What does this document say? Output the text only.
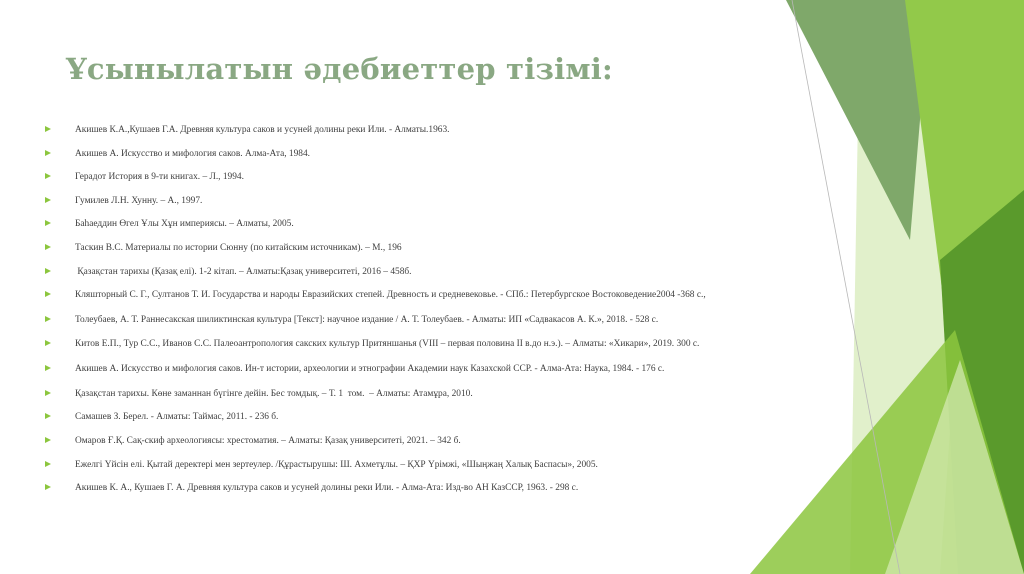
Ұсынылатын әдебиеттер тізімі:
Акишев К.А.,Кушаев Г.А. Древняя культура саков и усуней долины реки Или. - Алматы.1963.
Акишев А. Искусство и мифология саков. Алма-Ата, 1984.
Герадот История в 9-ти книгах. – Л., 1994.
Гумилев Л.Н. Хунну. – А., 1997.
Баһаеддин Өгел Ұлы Хұн империясы. – Алматы, 2005.
Таскин В.С. Материалы по истории Сюнну (по китайским источникам). – М., 196
Қазақстан тарихы (Қазақ елі). 1-2 кітап. – Алматы:Қазақ университеті, 2016 – 458б.
Кляшторный С. Г., Султанов Т. И. Государства и народы Евразийских степей. Древность и средневековье. - СПб.: Петербургское Востоковедение2004 -368 с.,
Толеубаев, А. Т. Раннесакская шиликтинская культура [Текст]: научное издание / А. Т. Толеубаев. - Алматы: ИП «Садвакасов А. К.», 2018. - 528 с.
Китов Е.П., Тур С.С., Иванов С.С. Палеоантропология сакских культур Притяншанья (VIII – первая половина II в.до н.э.). – Алматы: «Хикари», 2019. 300 с.
Акишев А. Искусство и мифология саков. Ин-т истории, археологии и этнографии Академии наук Казахской ССР. - Алма-Ата: Наука, 1984. - 176 с.
Қазақстан тарихы. Көне заманнан бүгінге дейін. Бес томдық. – Т. 1  том.  – Алматы: Атамұра, 2010.
Самашев З. Берел. - Алматы: Таймас, 2011. - 236 б.
Омаров Ғ.Қ. Сақ-скиф археологиясы: хрестоматия. – Алматы: Қазақ университеті, 2021. – 342 б.
Ежелгі Үйсін елі. Қытай деректері мен зертеулер. /Құрастырушы: Ш. Ахметұлы. – ҚХР Үрімжі, «Шыңжаң Халық Баспасы», 2005.
Акишев К. А., Кушаев Г. А. Древняя культура саков и усуней долины реки Или. - Алма-Ата: Изд-во АН КазССР, 1963. - 298 с.
